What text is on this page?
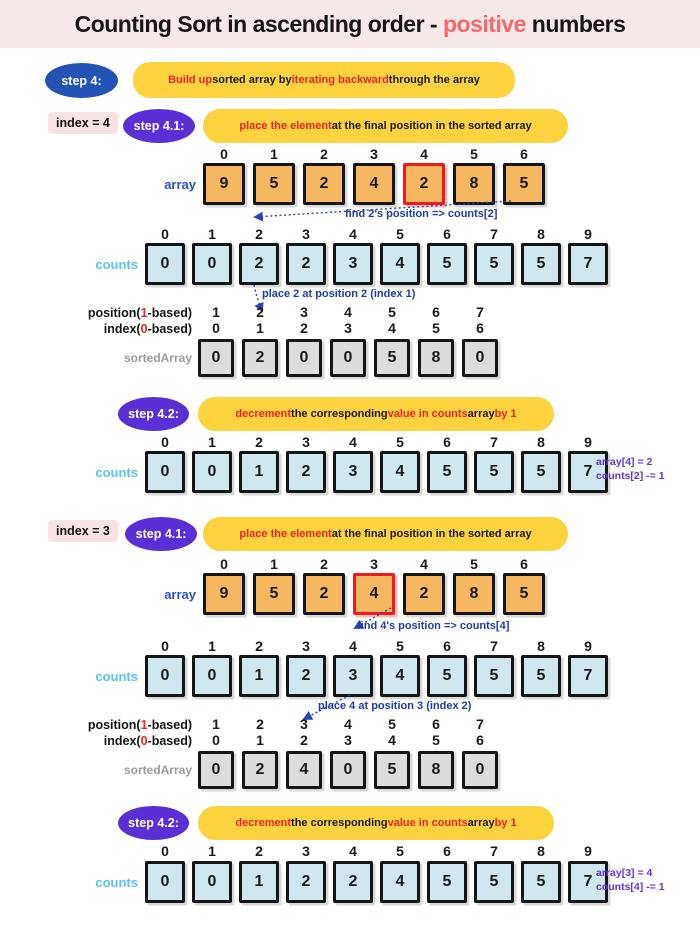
Counting Sort in ascending order - positive numbers
step 4:	Build up sorted array by iterating backward through the array
index = 4	step 4.1:	place the element at the final position in the sorted array
0	1	2	3	4	5	6
array	9	5	2	4	2	8	5
find 2's position => counts[2]
0	1	2	3	4	5	6	7	8	9
counts	0	0	2	2	3	4	5	5	5	7
place 2 at position 2 (index 1)
position(1-based)	1	2	3	4	5	6	7
index(0-based)	0	1	2	3	4	5	6
sortedArray	0	2	0	0	5	8	0
step 4.2:	decrement the corresponding value in counts array by 1
0	1	2	3	4	5	6	7	8	9
counts	0	0	1	2	3	4	5	5	5	7
array[4] = 2
counts[2] -= 1
index = 3	step 4.1:	place the element at the final position in the sorted array
0	1	2	3	4	5	6
array	9	5	2	4	2	8	5
find 4's position => counts[4]
0	1	2	3	4	5	6	7	8	9
counts	0	0	1	2	3	4	5	5	5	7
place 4 at position 3 (index 2)
position(1-based)	1	2	3	4	5	6	7
index(0-based)	0	1	2	3	4	5	6
sortedArray	0	2	4	0	5	8	0
step 4.2:	decrement the corresponding value in counts array by 1
0	1	2	3	4	5	6	7	8	9
counts	0	0	1	2	2	4	5	5	5	7 array[3] = 4
counts[4] -= 1
